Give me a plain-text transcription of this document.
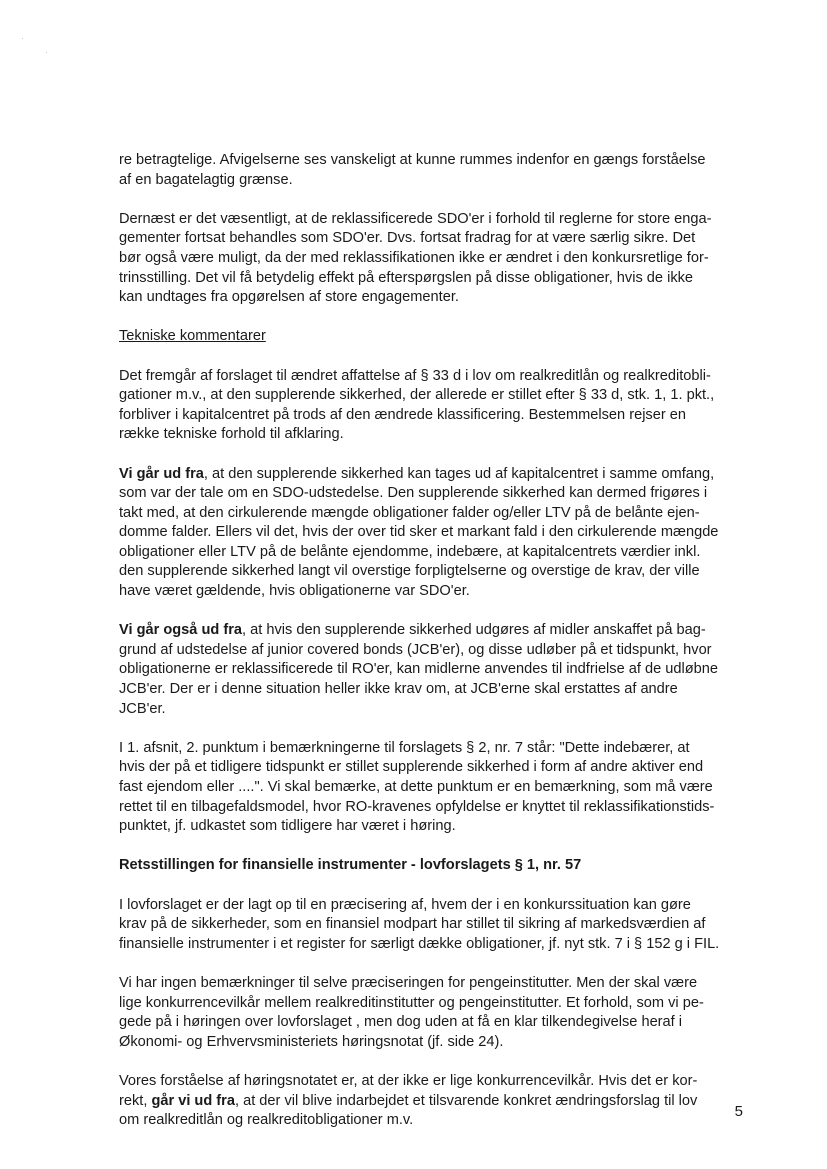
re betragtelige. Afvigelserne ses vanskeligt at kunne rummes indenfor en gængs forståelse
af en bagatelagtig grænse.

Dernæst er det væsentligt, at de reklassificerede SDO'er i forhold til reglerne for store enga-
gementer fortsat behandles som SDO'er. Dvs. fortsat fradrag for at være særlig sikre. Det
bør også være muligt, da der med reklassifikationen ikke er ændret i den konkursretlige for-
trinsstilling. Det vil få betydelig effekt på efterspørgslen på disse obligationer, hvis de ikke
kan undtages fra opgørelsen af store engagementer.

Tekniske kommentarer

Det fremgår af forslaget til ændret affattelse af § 33 d i lov om realkreditlån og realkreditobli-
gationer m.v., at den supplerende sikkerhed, der allerede er stillet efter § 33 d, stk. 1, 1. pkt.,
forbliver i kapitalcentret på trods af den ændrede klassificering. Bestemmelsen rejser en
række tekniske forhold til afklaring.

Vi går ud fra, at den supplerende sikkerhed kan tages ud af kapitalcentret i samme omfang,
som var der tale om en SDO-udstedelse. Den supplerende sikkerhed kan dermed frigøres i
takt med, at den cirkulerende mængde obligationer falder og/eller LTV på de belånte ejen-
domme falder. Ellers vil det, hvis der over tid sker et markant fald i den cirkulerende mængde
obligationer eller LTV på de belånte ejendomme, indebære, at kapitalcentrets værdier inkl.
den supplerende sikkerhed langt vil overstige forpligtelserne og overstige de krav, der ville
have været gældende, hvis obligationerne var SDO'er.

Vi går også ud fra, at hvis den supplerende sikkerhed udgøres af midler anskaffet på bag-
grund af udstedelse af junior covered bonds (JCB'er), og disse udløber på et tidspunkt, hvor
obligationerne er reklassificerede til RO'er, kan midlerne anvendes til indfrielse af de udløbne
JCB'er. Der er i denne situation heller ikke krav om, at JCB'erne skal erstattes af andre
JCB'er.

I 1. afsnit, 2. punktum i bemærkningerne til forslagets § 2, nr. 7 står: "Dette indebærer, at
hvis der på et tidligere tidspunkt er stillet supplerende sikkerhed i form af andre aktiver end
fast ejendom eller ....". Vi skal bemærke, at dette punktum er en bemærkning, som må være
rettet til en tilbagefaldsmodel, hvor RO-kravenes opfyldelse er knyttet til reklassifikationstids-
punktet, jf. udkastet som tidligere har været i høring.

Retsstillingen for finansielle instrumenter - lovforslagets § 1, nr. 57

I lovforslaget er der lagt op til en præcisering af, hvem der i en konkurssituation kan gøre
krav på de sikkerheder, som en finansiel modpart har stillet til sikring af markedsværdien af
finansielle instrumenter i et register for særligt dække obligationer, jf. nyt stk. 7 i § 152 g i FIL.

Vi har ingen bemærkninger til selve præciseringen for pengeinstitutter. Men der skal være
lige konkurrencevilkår mellem realkreditinstitutter og pengeinstitutter. Et forhold, som vi pe-
gede på i høringen over lovforslaget , men dog uden at få en klar tilkendegivelse heraf i
Økonomi- og Erhvervsministeriets høringsnotat (jf. side 24).

Vores forståelse af høringsnotatet er, at der ikke er lige konkurrencevilkår. Hvis det er kor-
rekt, går vi ud fra, at der vil blive indarbejdet et tilsvarende konkret ændringsforslag til lov
om realkreditlån og realkreditobligationer m.v.

5
